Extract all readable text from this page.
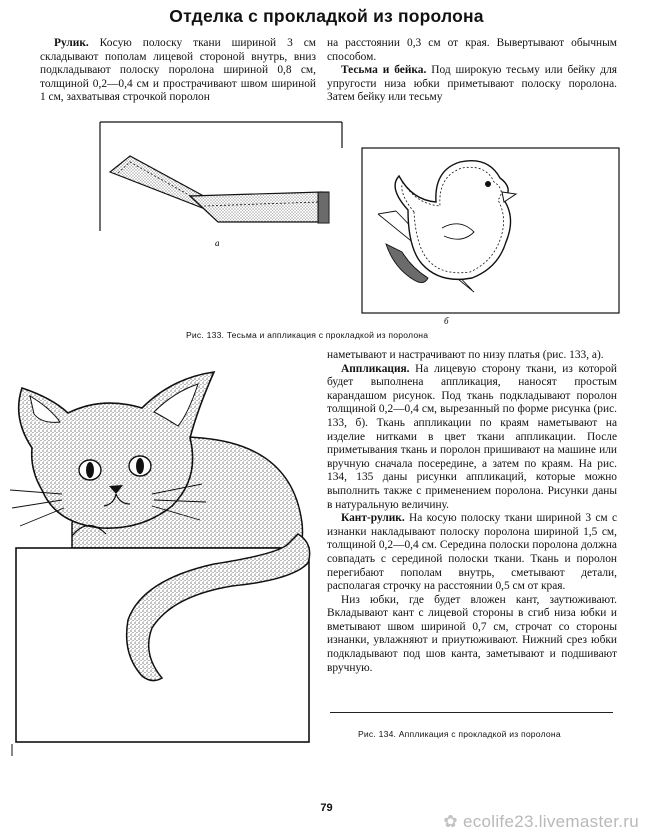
Отделка с прокладкой из поролона

Рулик. Косую полоску ткани шириной 3 см складывают пополам лицевой стороной внутрь, вниз подкладывают полоску поролона шириной 0,8 см, толщиной 0,2—0,4 см и прострачивают швом шириной 1 см, захватывая строчкой поролон

на расстоянии 0,3 см от края. Вывертывают обычным способом.

Тесьма и бейка. Под широкую тесьму или бейку для упругости низа юбки приметывают полоску поролона. Затем бейку или тесьму

а
б
Рис. 133. Тесьма и аппликация с прокладкой из поролона

наметывают и настрачивают по низу платья (рис. 133, а).

Аппликация. На лицевую сторону ткани, из которой будет выполнена аппликация, наносят простым карандашом рисунок. Под ткань подкладывают поролон толщиной 0,2—0,4 см, вырезанный по форме рисунка (рис. 133, б). Ткань аппликации по краям наметывают на изделие нитками в цвет ткани аппликации. После приметывания ткань и поролон пришивают на машине или вручную сначала посередине, а затем по краям. На рис. 134, 135 даны рисунки аппликаций, которые можно выполнить также с применением поролона. Рисунки даны в натуральную величину.

Кант-рулик. На косую полоску ткани шириной 3 см с изнанки накладывают полоску поролона шириной 1,5 см, толщиной 0,2—0,4 см. Середина полоски поролона должна совпадать с серединой полоски ткани. Ткань и поролон перегибают пополам внутрь, сметывают детали, располагая строчку на расстоянии 0,5 см от края.

Низ юбки, где будет вложен кант, заутюживают. Вкладывают кант с лицевой стороны в сгиб низа юбки и вметывают швом шириной 0,7 см, строчат со стороны изнанки, увлажняют и приутюживают. Нижний срез юбки подкладывают под шов канта, заметывают и подшивают вручную.

Рис. 134. Аппликация с прокладкой из поролона
79
✿ ecolife23.livemaster.ru
